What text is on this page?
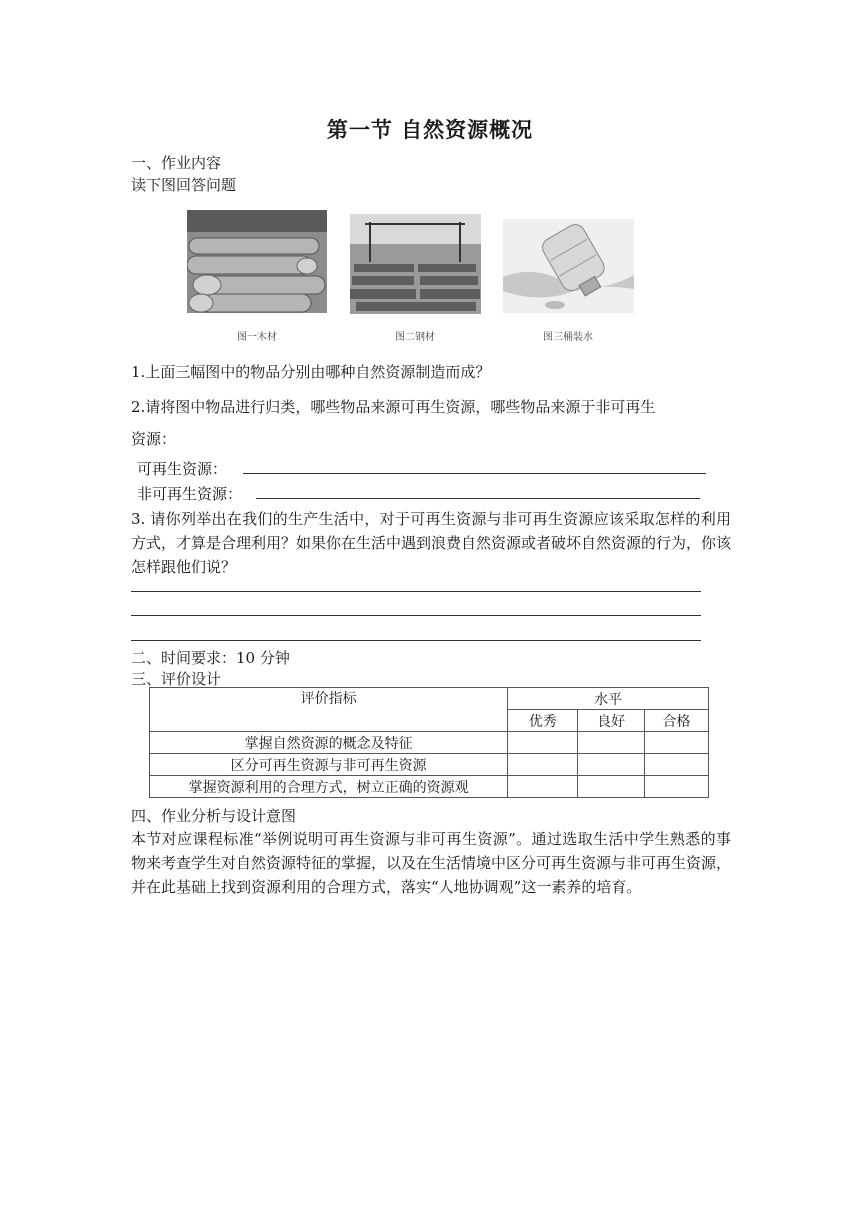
第一节 自然资源概况
一、作业内容
读下图回答问题
图一木材	图二钢材	图三桶装水
1.上面三幅图中的物品分别由哪种自然资源制造而成？
2.请将图中物品进行归类，哪些物品来源可再生资源，哪些物品来源于非可再生
资源：
可再生资源：
非可再生资源：
3. 请你列举出在我们的生产生活中，对于可再生资源与非可再生资源应该采取怎样的利用方式，才算是合理利用？如果你在生活中遇到浪费自然资源或者破坏自然资源的行为，你该怎样跟他们说？
二、时间要求：10 分钟
三、评价设计
评价指标	水平		
	优秀	良好	合格
掌握自然资源的概念及特征			
区分可再生资源与非可再生资源			
掌握资源利用的合理方式，树立正确的资源观			
四、作业分析与设计意图
本节对应课程标准“举例说明可再生资源与非可再生资源”。通过选取生活中学生熟悉的事物来考查学生对自然资源特征的掌握，以及在生活情境中区分可再生资源与非可再生资源，并在此基础上找到资源利用的合理方式，落实“人地协调观”这一素养的培育。
